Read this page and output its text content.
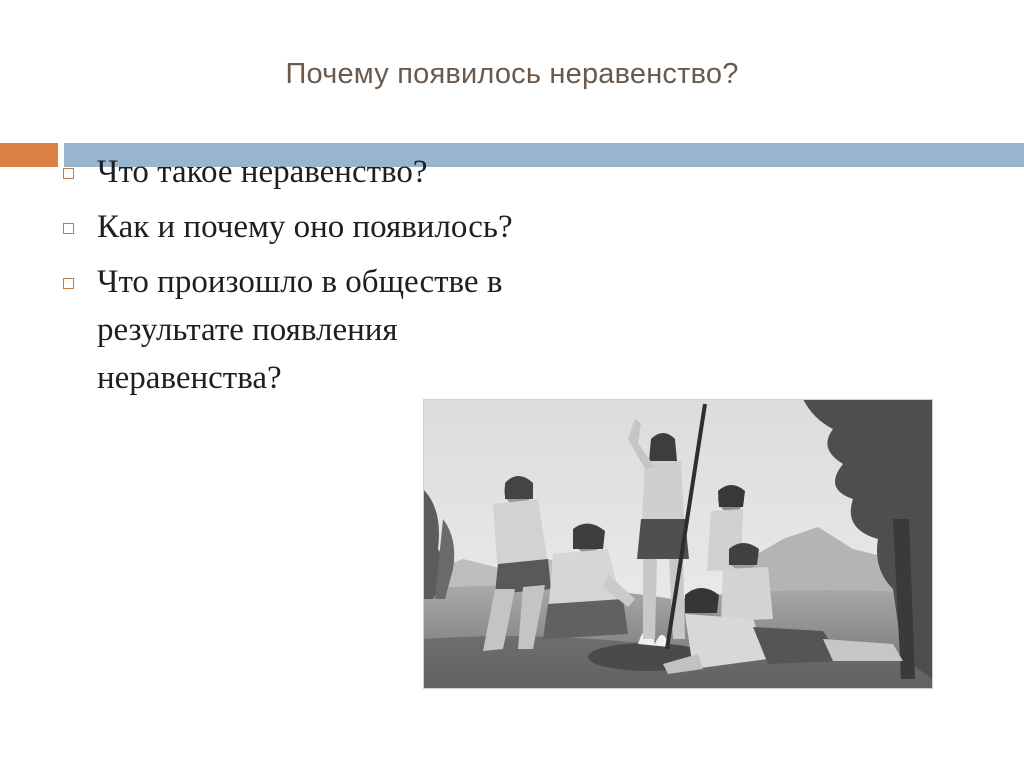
Почему появилось неравенство?
Что такое неравенство?
Как и почему оно появилось?
Что произошло в обществе в результате появления неравенства?
